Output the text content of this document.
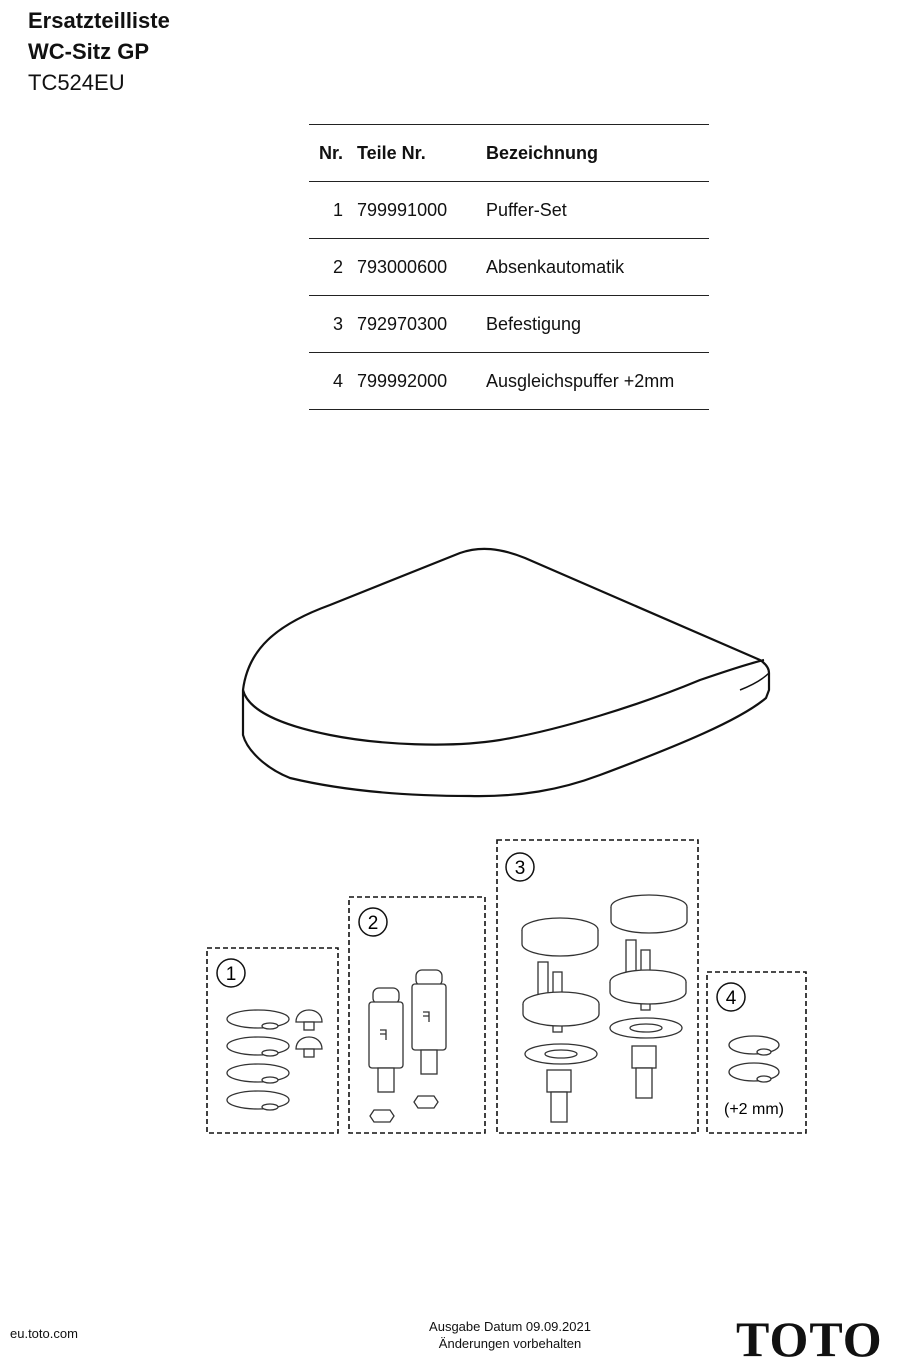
Ersatzteilliste
WC-Sitz GP
TC524EU
Nr.	Teile Nr.	Bezeichnung
1	799991000	Puffer-Set
2	793000600	Absenkautomatik
3	792970300	Befestigung
4	799992000	Ausgleichspuffer +2mm
1
2
3
4
(+2 mm)
eu.toto.com	Ausgabe Datum 09.09.2021
Änderungen vorbehalten	TOTO
